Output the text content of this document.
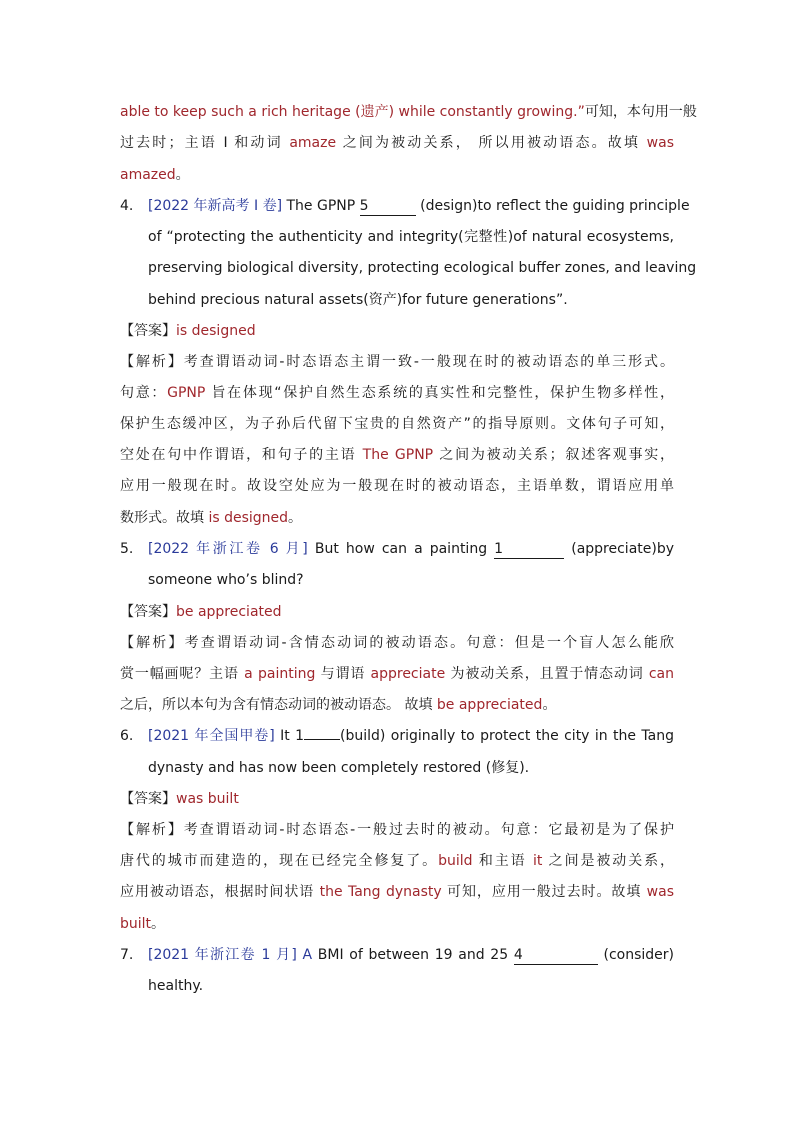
able to keep such a rich heritage (遗产) while constantly growing.”可知，本句用一般
过去时；主语 I 和动词 amaze 之间为被动关系， 所以用被动语态。故填 was
amazed。
4. [2022 年新高考 I 卷] The GPNP 5	(design)to reflect the guiding principle
of “protecting the authenticity and integrity(完整性)of natural ecosystems,
preserving biological diversity, protecting ecological buffer zones, and leaving
behind precious natural assets(资产)for future generations”.
【答案】is designed
【解析】考查谓语动词-时态语态主谓一致-一般现在时的被动语态的单三形式。
句意：GPNP 旨在体现“保护自然生态系统的真实性和完整性，保护生物多样性，
保护生态缓冲区，为子孙后代留下宝贵的自然资产”的指导原则。文体句子可知，
空处在句中作谓语，和句子的主语 The GPNP 之间为被动关系；叙述客观事实，
应用一般现在时。故设空处应为一般现在时的被动语态，主语单数，谓语应用单
数形式。故填 is designed。
5. [2022 年浙江卷 6 月] But how can a painting 1	(appreciate)by
someone who’s blind?
【答案】be appreciated
【解析】考查谓语动词-含情态动词的被动语态。句意：但是一个盲人怎么能欣
赏一幅画呢？主语 a painting 与谓语 appreciate 为被动关系，且置于情态动词 can
之后，所以本句为含有情态动词的被动语态。 故填 be appreciated。
6. [2021 年全国甲卷] It 1	(build) originally to protect the city in the Tang
dynasty and has now been completely restored (修复).
【答案】was built
【解析】考查谓语动词-时态语态-一般过去时的被动。句意：它最初是为了保护
唐代的城市而建造的，现在已经完全修复了。build 和主语 it 之间是被动关系，
应用被动语态，根据时间状语 the Tang dynasty 可知，应用一般过去时。故填 was
built。
7. [2021 年浙江卷 1 月] A BMI of between 19 and 25 4	(consider)
healthy.
